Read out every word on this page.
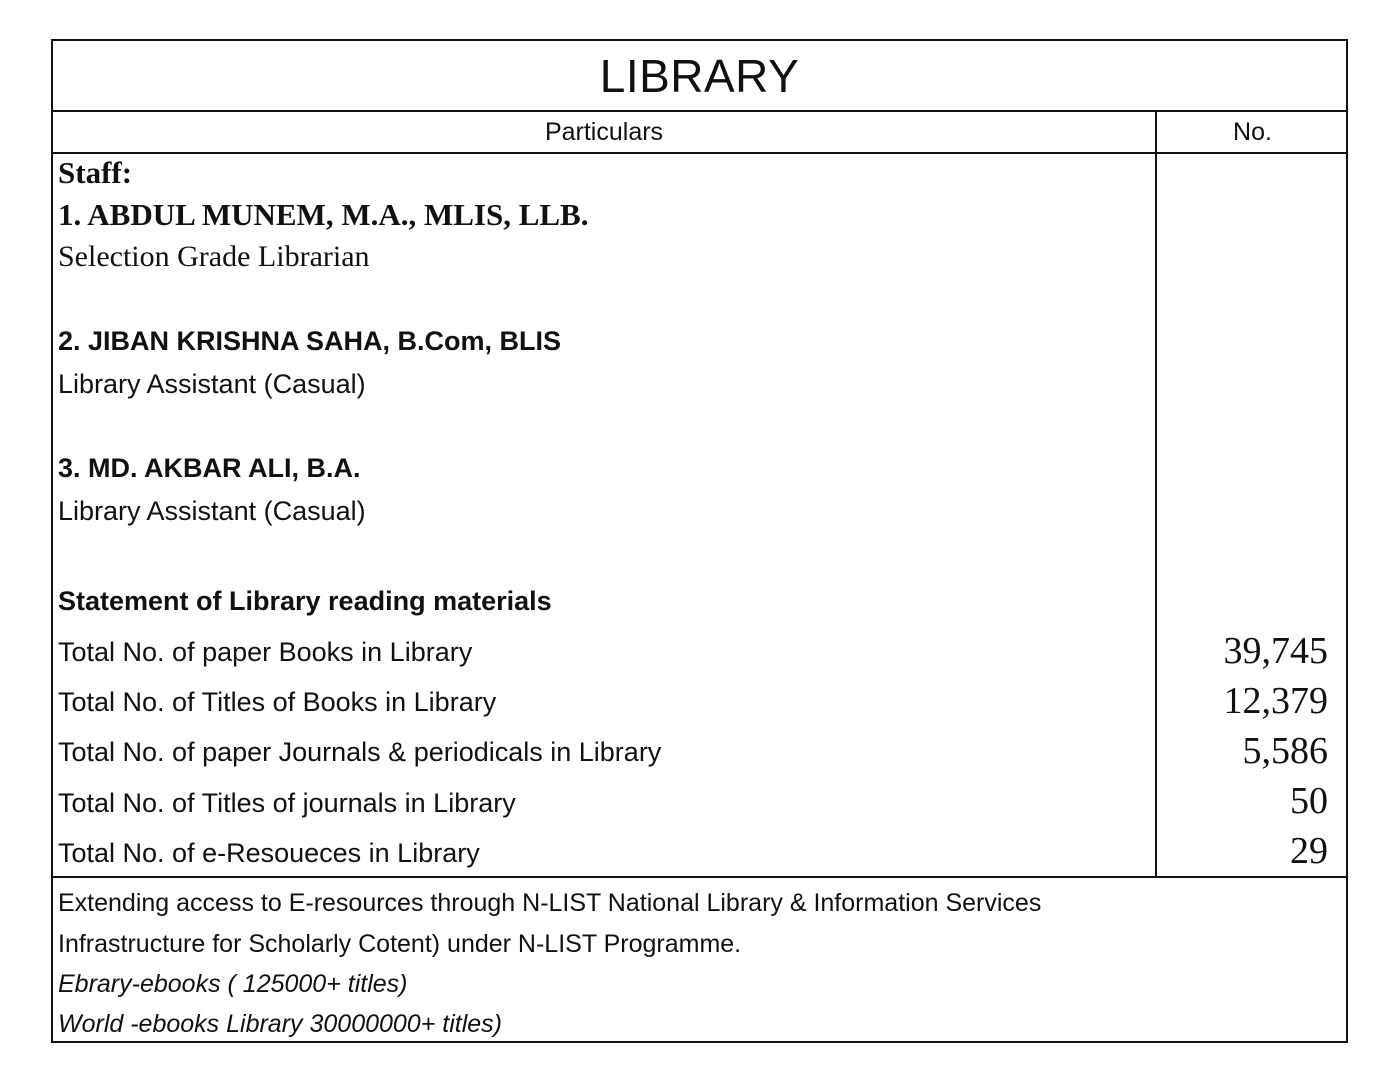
LIBRARY
Particulars	No.
Staff:
1. ABDUL MUNEM, M.A., MLIS, LLB.
Selection Grade Librarian
2. JIBAN KRISHNA SAHA, B.Com, BLIS
Library Assistant (Casual)
3. MD. AKBAR ALI, B.A.
Library Assistant (Casual)
Statement of Library reading materials
Total No. of paper Books in Library	39,745
Total No. of Titles of Books in Library	12,379
Total No. of paper Journals & periodicals in Library	5,586
Total No. of Titles of journals in Library	50
Total No. of e-Resoueces in Library	29
Extending access to E-resources through N-LIST National Library & Information Services
Infrastructure for Scholarly Cotent) under N-LIST Programme.
Ebrary-ebooks ( 125000+ titles)
World -ebooks Library 30000000+ titles)
